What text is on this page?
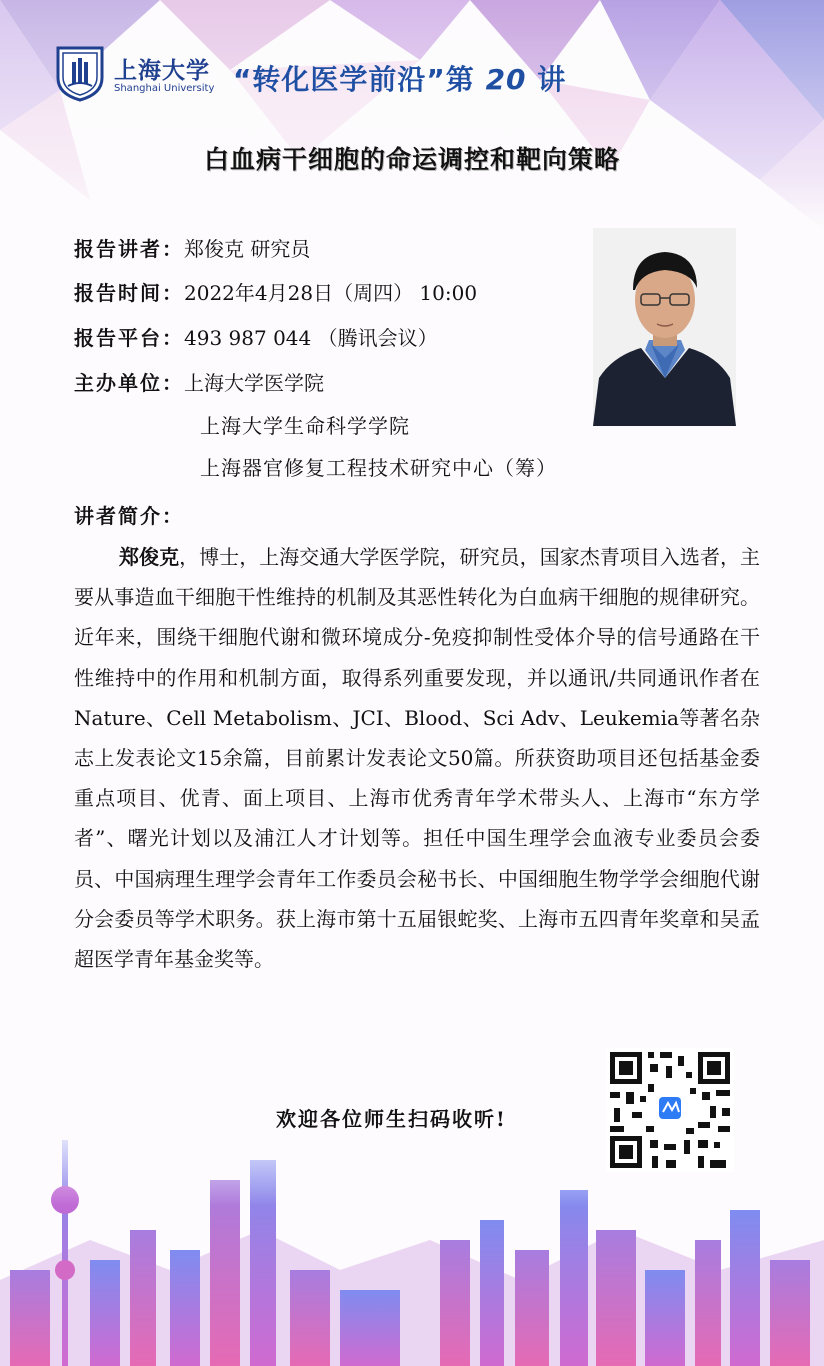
上海大学
Shanghai University “转化医学前沿”第 20 讲
白血病干细胞的命运调控和靶向策略
报告讲者：郑俊克 研究员
报告时间：2022年4月28日（周四） 10:00
报告平台：493 987 044 （腾讯会议）
主办单位：上海大学医学院
上海大学生命科学学院
上海器官修复工程技术研究中心（筹）
讲者简介：

郑俊克，博士，上海交通大学医学院，研究员，国家杰青项目入选者，主要从事造血干细胞干性维持的机制及其恶性转化为白血病干细胞的规律研究。近年来，围绕干细胞代谢和微环境成分-免疫抑制性受体介导的信号通路在干性维持中的作用和机制方面，取得系列重要发现，并以通讯/共同通讯作者在Nature、Cell Metabolism、JCI、Blood、Sci Adv、Leukemia等著名杂志上发表论文15余篇，目前累计发表论文50篇。所获资助项目还包括基金委重点项目、优青、面上项目、上海市优秀青年学术带头人、上海市“东方学者”、曙光计划以及浦江人才计划等。担任中国生理学会血液专业委员会委员、中国病理生理学会青年工作委员会秘书长、中国细胞生物学学会细胞代谢分会委员等学术职务。获上海市第十五届银蛇奖、上海市五四青年奖章和吴孟超医学青年基金奖等。

欢迎各位师生扫码收听!
